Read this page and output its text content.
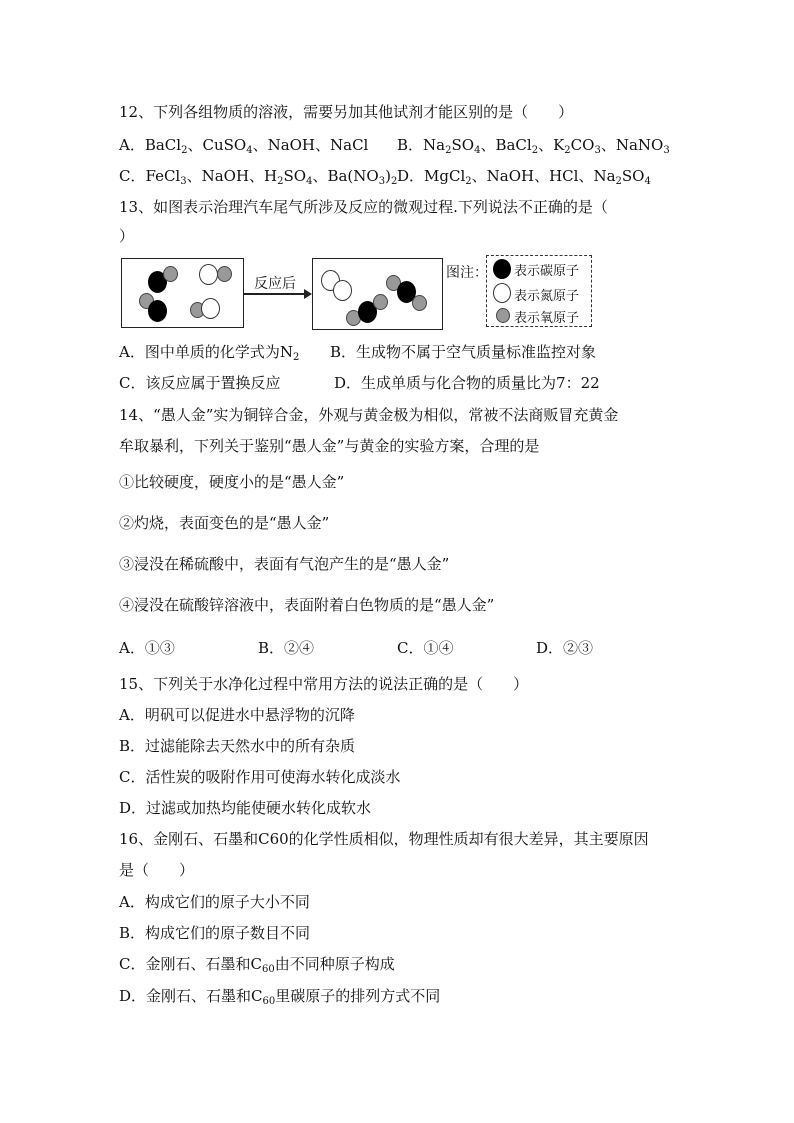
12、下列各组物质的溶液，需要另加其他试剂才能区别的是（　　）
A．BaCl$_2$、CuSO$_4$、NaOH、NaCl B．$Na_2SO_4$、BaCl$_2$、$K_2CO_3$、NaNO$_3$
C．FeCl$_3$、NaOH、$H_2SO_4$、$Ba(NO_3)_2$ D．MgCl$_2$、NaOH、HCl、$Na_2SO_4$
13、如图表示治理汽车尾气所涉及反应的微观过程.下列说法不正确的是（
）
反应后
图注： 表示碳原子
表示氮原子
表示氧原子
A．图中单质的化学式为$N_2$ B．生成物不属于空气质量标准监控对象
C．该反应属于置换反应	D．生成单质与化合物的质量比为7：22
14、“愚人金”实为铜锌合金，外观与黄金极为相似，常被不法商贩冒充黄金
牟取暴利，下列关于鉴别“愚人金”与黄金的实验方案，合理的是
①比较硬度，硬度小的是“愚人金”
②灼烧，表面变色的是“愚人金”
③浸没在稀硫酸中，表面有气泡产生的是“愚人金”
④浸没在硫酸锌溶液中，表面附着白色物质的是“愚人金”
A．①③	B．②④	C．①④	D．②③
15、下列关于水净化过程中常用方法的说法正确的是（　　）
A．明矾可以促进水中悬浮物的沉降
B．过滤能除去天然水中的所有杂质
C．活性炭的吸附作用可使海水转化成淡水
D．过滤或加热均能使硬水转化成软水
16、金刚石、石墨和C60的化学性质相似，物理性质却有很大差异，其主要原因
是（　　）
A．构成它们的原子大小不同
B．构成它们的原子数目不同
C．金刚石、石墨和$C_{60}$由不同种原子构成
D．金刚石、石墨和$C_{60}$里碳原子的排列方式不同
